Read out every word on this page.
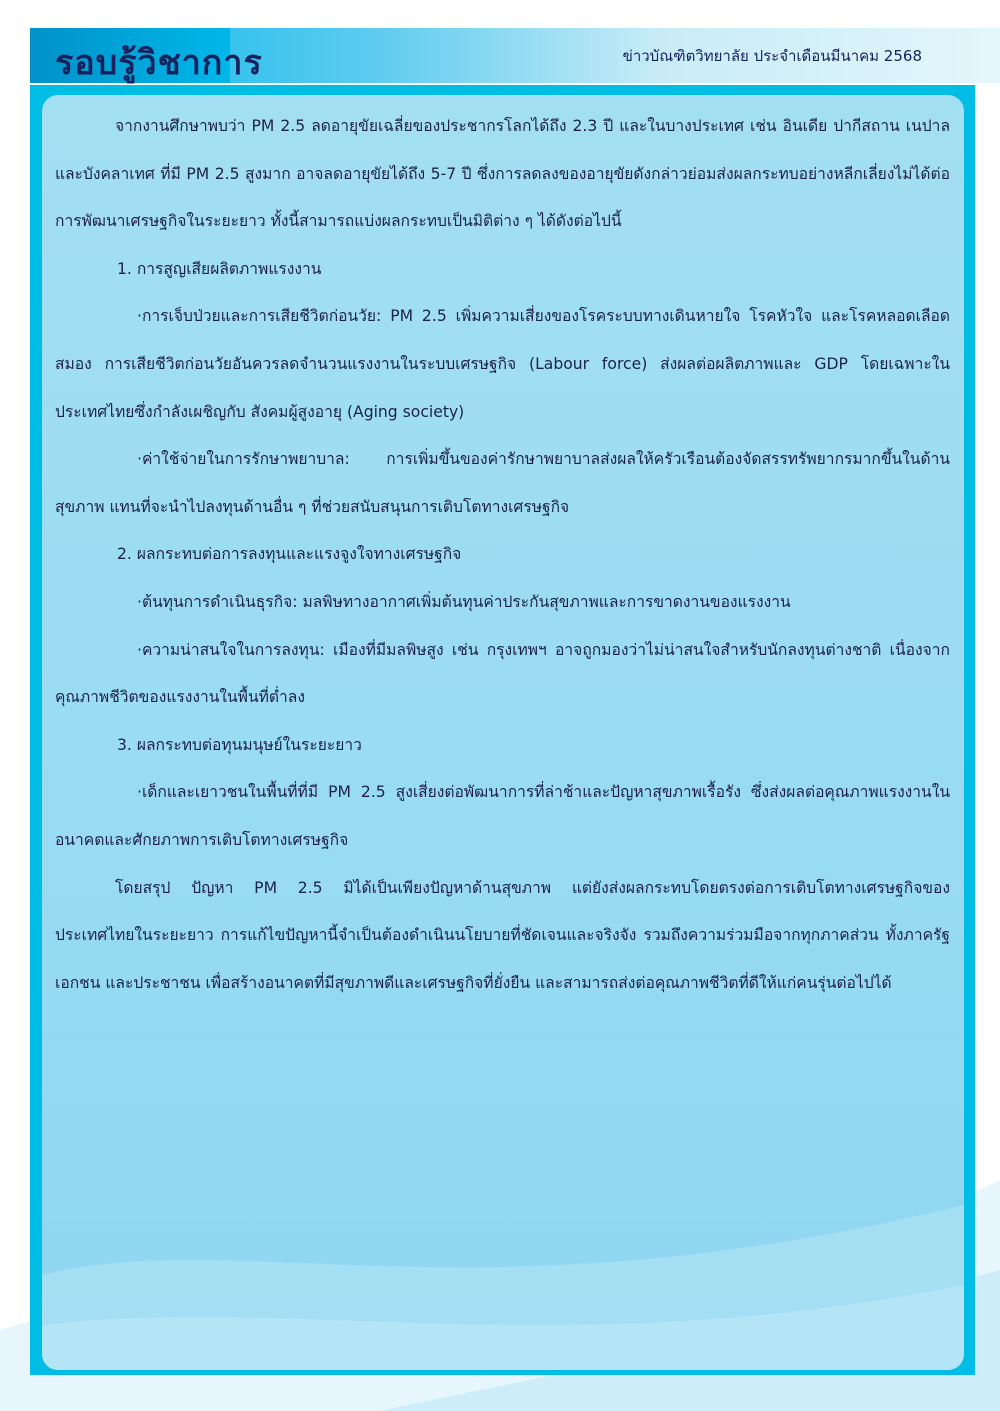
รอบรู้วิชาการ	ข่าวบัณฑิตวิทยาลัย ประจำเดือนมีนาคม 2568

จากงานศึกษาพบว่า PM 2.5 ลดอายุขัยเฉลี่ยของประชากรโลกได้ถึง 2.3 ปี และในบางประเทศ เช่น อินเดีย ปากีสถาน เนปาล และบังคลาเทศ ที่มี PM 2.5 สูงมาก อาจลดอายุขัยได้ถึง 5-7 ปี ซึ่งการลดลงของอายุขัยดังกล่าวย่อมส่งผลกระทบอย่างหลีกเลี่ยงไม่ได้ต่อการพัฒนาเศรษฐกิจในระยะยาว ทั้งนี้สามารถแบ่งผลกระทบเป็นมิติต่าง ๆ ได้ดังต่อไปนี้

1. การสูญเสียผลิตภาพแรงงาน

·การเจ็บป่วยและการเสียชีวิตก่อนวัย: PM 2.5 เพิ่มความเสี่ยงของโรคระบบทางเดินหายใจ โรคหัวใจ และโรคหลอดเลือดสมอง การเสียชีวิตก่อนวัยอันควรลดจำนวนแรงงานในระบบเศรษฐกิจ (Labour force) ส่งผลต่อผลิตภาพและ GDP โดยเฉพาะในประเทศไทยซึ่งกำลังเผชิญกับ สังคมผู้สูงอายุ (Aging society)

·ค่าใช้จ่ายในการรักษาพยาบาล: การเพิ่มขึ้นของค่ารักษาพยาบาลส่งผลให้ครัวเรือนต้องจัดสรรทรัพยากรมากขึ้นในด้านสุขภาพ แทนที่จะนำไปลงทุนด้านอื่น ๆ ที่ช่วยสนับสนุนการเติบโตทางเศรษฐกิจ

2. ผลกระทบต่อการลงทุนและแรงจูงใจทางเศรษฐกิจ

·ต้นทุนการดำเนินธุรกิจ: มลพิษทางอากาศเพิ่มต้นทุนค่าประกันสุขภาพและการขาดงานของแรงงาน

·ความน่าสนใจในการลงทุน: เมืองที่มีมลพิษสูง เช่น กรุงเทพฯ อาจถูกมองว่าไม่น่าสนใจสำหรับนักลงทุนต่างชาติ เนื่องจากคุณภาพชีวิตของแรงงานในพื้นที่ต่ำลง

3. ผลกระทบต่อทุนมนุษย์ในระยะยาว

·เด็กและเยาวชนในพื้นที่ที่มี PM 2.5 สูงเสี่ยงต่อพัฒนาการที่ล่าช้าและปัญหาสุขภาพเรื้อรัง ซึ่งส่งผลต่อคุณภาพแรงงานในอนาคตและศักยภาพการเติบโตทางเศรษฐกิจ

โดยสรุป ปัญหา PM 2.5 มิได้เป็นเพียงปัญหาด้านสุขภาพ แต่ยังส่งผลกระทบโดยตรงต่อการเติบโตทางเศรษฐกิจของประเทศไทยในระยะยาว การแก้ไขปัญหานี้จำเป็นต้องดำเนินนโยบายที่ชัดเจนและจริงจัง รวมถึงความร่วมมือจากทุกภาคส่วน ทั้งภาครัฐ เอกชน และประชาชน เพื่อสร้างอนาคตที่มีสุขภาพดีและเศรษฐกิจที่ยั่งยืน และสามารถส่งต่อคุณภาพชีวิตที่ดีให้แก่คนรุ่นต่อไปได้
